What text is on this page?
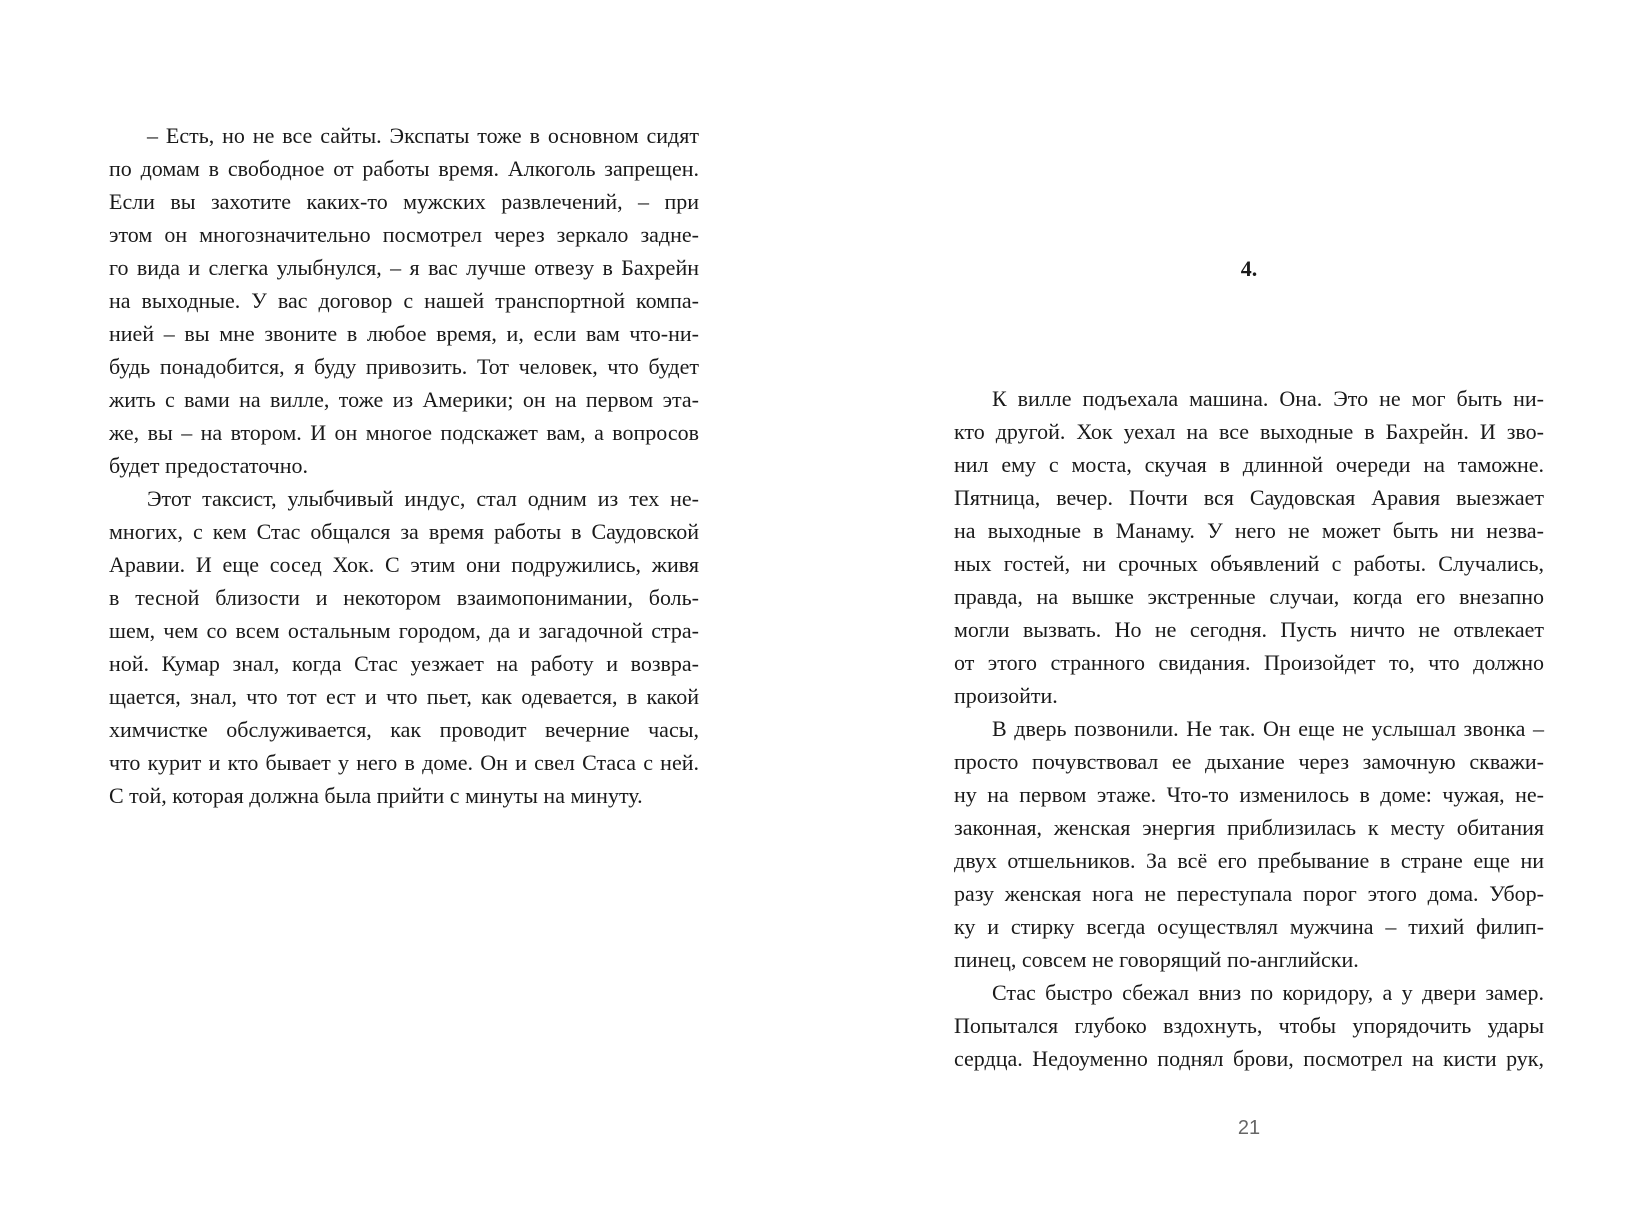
– Есть, но не все сайты. Экспаты тоже в основном сидят
по домам в свободное от работы время. Алкоголь запрещен.
Если вы захотите каких-то мужских развлечений, – при
этом он многозначительно посмотрел через зеркало задне-
го вида и слегка улыбнулся, – я вас лучше отвезу в Бахрейн
на выходные. У вас договор с нашей транспортной компа-
нией – вы мне звоните в любое время, и, если вам что-ни-
будь понадобится, я буду привозить. Тот человек, что будет
жить с вами на вилле, тоже из Америки; он на первом эта-
же, вы – на втором. И он многое подскажет вам, а вопросов
будет предостаточно.
Этот таксист, улыбчивый индус, стал одним из тех не-
многих, с кем Стас общался за время работы в Саудовской
Аравии. И еще сосед Хок. С этим они подружились, живя
в тесной близости и некотором взаимопонимании, боль-
шем, чем со всем остальным городом, да и загадочной стра-
ной. Кумар знал, когда Стас уезжает на работу и возвра-
щается, знал, что тот ест и что пьет, как одевается, в какой
химчистке обслуживается, как проводит вечерние часы,
что курит и кто бывает у него в доме. Он и свел Стаса с ней.
С той, которая должна была прийти с минуты на минуту.
4.
К вилле подъехала машина. Она. Это не мог быть ни-
кто другой. Хок уехал на все выходные в Бахрейн. И зво-
нил ему с моста, скучая в длинной очереди на таможне.
Пятница, вечер. Почти вся Саудовская Аравия выезжает
на выходные в Манаму. У него не может быть ни незва-
ных гостей, ни срочных объявлений с работы. Случались,
правда, на вышке экстренные случаи, когда его внезапно
могли вызвать. Но не сегодня. Пусть ничто не отвлекает
от этого странного свидания. Произойдет то, что должно
произойти.
В дверь позвонили. Не так. Он еще не услышал звонка –
просто почувствовал ее дыхание через замочную скважи-
ну на первом этаже. Что-то изменилось в доме: чужая, не-
законная, женская энергия приблизилась к месту обитания
двух отшельников. За всё его пребывание в стране еще ни
разу женская нога не переступала порог этого дома. Убор-
ку и стирку всегда осуществлял мужчина – тихий филип-
пинец, совсем не говорящий по-английски.
Стас быстро сбежал вниз по коридору, а у двери замер.
Попытался глубоко вздохнуть, чтобы упорядочить удары
сердца. Недоуменно поднял брови, посмотрел на кисти рук,
21
